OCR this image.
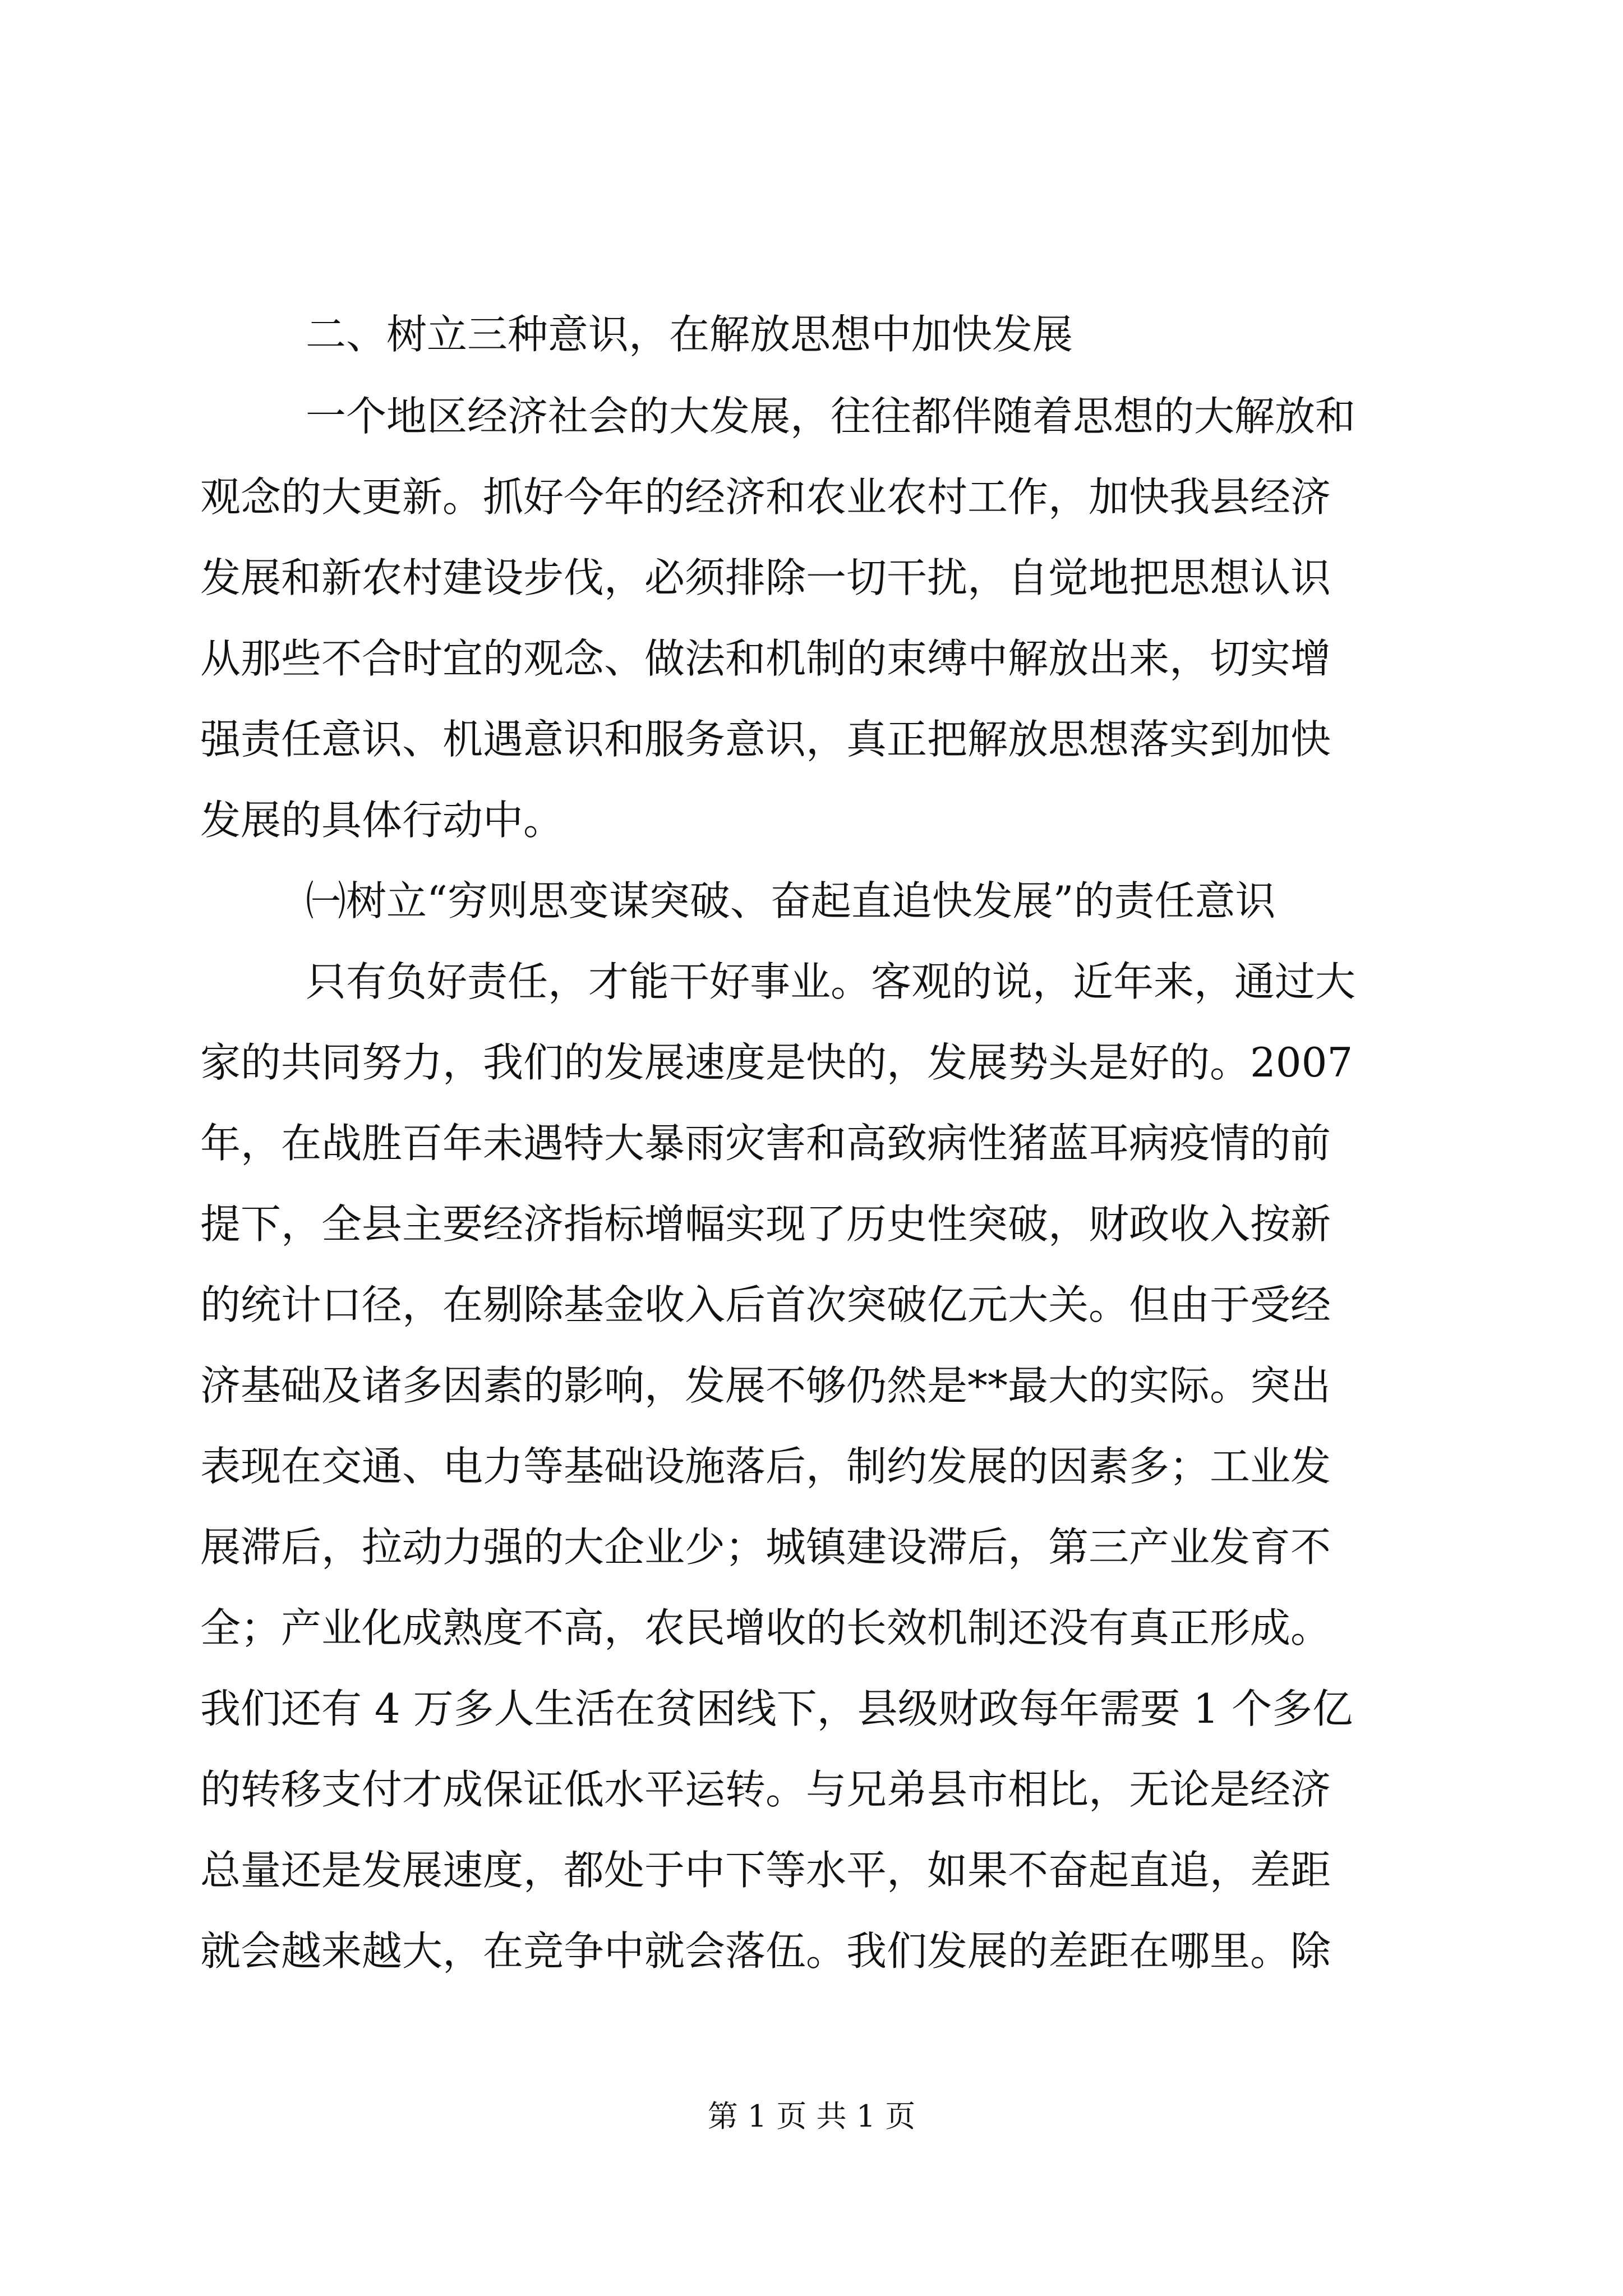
二、树立三种意识，在解放思想中加快发展
一个地区经济社会的大发展，往往都伴随着思想的大解放和
观念的大更新。抓好今年的经济和农业农村工作，加快我县经济
发展和新农村建设步伐，必须排除一切干扰，自觉地把思想认识
从那些不合时宜的观念、做法和机制的束缚中解放出来，切实增
强责任意识、机遇意识和服务意识，真正把解放思想落实到加快
发展的具体行动中。
㈠树立“穷则思变谋突破、奋起直追快发展”的责任意识
只有负好责任，才能干好事业。客观的说，近年来，通过大
家的共同努力，我们的发展速度是快的，发展势头是好的。2007
年，在战胜百年未遇特大暴雨灾害和高致病性猪蓝耳病疫情的前
提下，全县主要经济指标增幅实现了历史性突破，财政收入按新
的统计口径，在剔除基金收入后首次突破亿元大关。但由于受经
济基础及诸多因素的影响，发展不够仍然是**最大的实际。突出
表现在交通、电力等基础设施落后，制约发展的因素多；工业发
展滞后，拉动力强的大企业少；城镇建设滞后，第三产业发育不
全；产业化成熟度不高，农民增收的长效机制还没有真正形成。
我们还有 4 万多人生活在贫困线下，县级财政每年需要 1 个多亿
的转移支付才成保证低水平运转。与兄弟县市相比，无论是经济
总量还是发展速度，都处于中下等水平，如果不奋起直追，差距
就会越来越大，在竞争中就会落伍。我们发展的差距在哪里。除
第 1 页 共 1 页
